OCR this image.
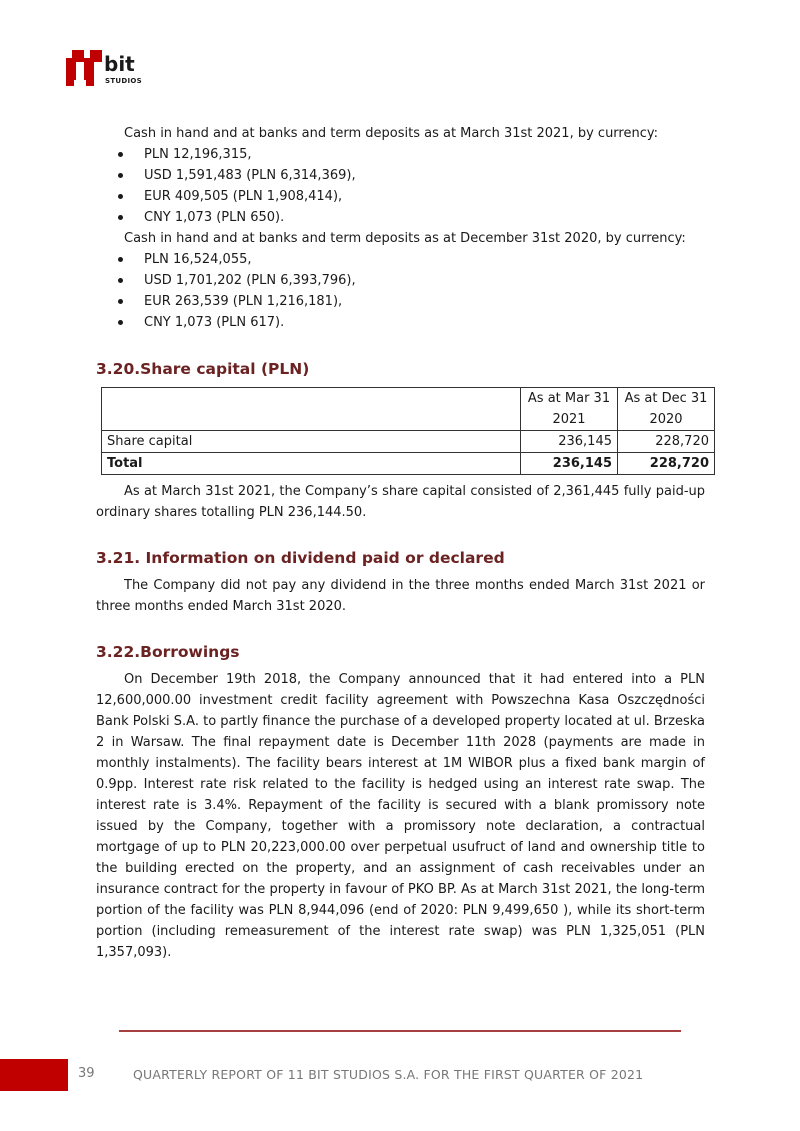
bit
STUDIOS

Cash in hand and at banks and term deposits as at March 31st 2021, by currency:

PLN 12,196,315,
USD 1,591,483 (PLN 6,314,369),
EUR 409,505 (PLN 1,908,414),
CNY 1,073 (PLN 650).

Cash in hand and at banks and term deposits as at December 31st 2020, by currency:

PLN 16,524,055,
USD 1,701,202 (PLN 6,393,796),
EUR 263,539 (PLN 1,216,181),
CNY 1,073 (PLN 617).
3.20.Share capital (PLN)
	As at Mar 31 2021	As at Dec 31 2020
Share capital	236,145	228,720
Total	236,145	228,720

As at March 31st 2021, the Company’s share capital consisted of 2,361,445 fully paid-up ordinary shares totalling PLN 236,144.50.

3.21. Information on dividend paid or declared

The Company did not pay any dividend in the three months ended March 31st 2021 or three months ended March 31st 2020.

3.22.Borrowings

On December 19th 2018, the Company announced that it had entered into a PLN 12,600,000.00 investment credit facility agreement with Powszechna Kasa Oszczędności Bank Polski S.A. to partly finance the purchase of a developed property located at ul. Brzeska 2 in Warsaw. The final repayment date is December 11th 2028 (payments are made in monthly instalments). The facility bears interest at 1M WIBOR plus a fixed bank margin of 0.9pp. Interest rate risk related to the facility is hedged using an interest rate swap. The interest rate is 3.4%. Repayment of the facility is secured with a blank promissory note issued by the Company, together with a promissory note declaration, a contractual mortgage of up to PLN 20,223,000.00 over perpetual usufruct of land and ownership title to the building erected on the property, and an assignment of cash receivables under an insurance contract for the property in favour of PKO BP. As at March 31st 2021, the long-term portion of the facility was PLN 8,944,096 (end of 2020: PLN 9,499,650 ), while its short-term portion (including remeasurement of the interest rate swap) was PLN 1,325,051 (PLN 1,357,093).

39	QUARTERLY REPORT OF 11 BIT STUDIOS S.A. FOR THE FIRST QUARTER OF 2021
